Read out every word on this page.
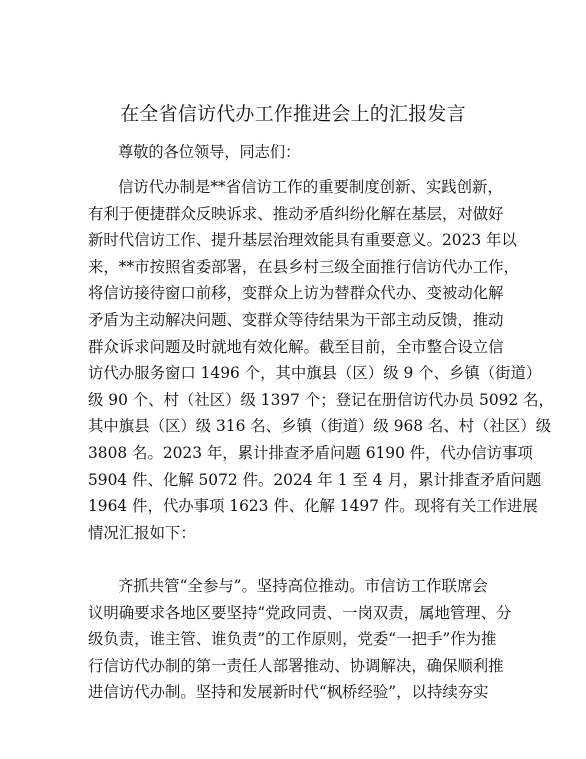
在全省信访代办工作推进会上的汇报发言
尊敬的各位领导，同志们：
信访代办制是**省信访工作的重要制度创新、实践创新，
有利于便捷群众反映诉求、推动矛盾纠纷化解在基层，对做好
新时代信访工作、提升基层治理效能具有重要意义。2023 年以
来，**市按照省委部署，在县乡村三级全面推行信访代办工作，
将信访接待窗口前移，变群众上访为替群众代办、变被动化解
矛盾为主动解决问题、变群众等待结果为干部主动反馈，推动
群众诉求问题及时就地有效化解。截至目前，全市整合设立信
访代办服务窗口 1496 个，其中旗县（区）级 9 个、乡镇（街道）
级 90 个、村（社区）级 1397 个；登记在册信访代办员 5092 名，
其中旗县（区）级 316 名、乡镇（街道）级 968 名、村（社区）级
3808 名。2023 年，累计排查矛盾问题 6190 件，代办信访事项
5904 件、化解 5072 件。2024 年 1 至 4 月，累计排查矛盾问题
1964 件，代办事项 1623 件、化解 1497 件。现将有关工作进展
情况汇报如下：
齐抓共管“全参与”。坚持高位推动。市信访工作联席会
议明确要求各地区要坚持“党政同责、一岗双责，属地管理、分
级负责，谁主管、谁负责”的工作原则，党委“一把手”作为推
行信访代办制的第一责任人部署推动、协调解决，确保顺利推
进信访代办制。坚持和发展新时代“枫桥经验”，以持续夯实
